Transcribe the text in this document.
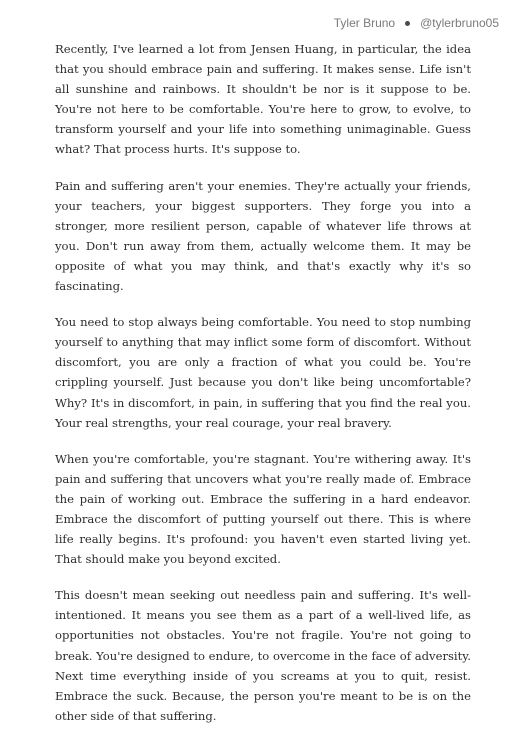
Tyler Bruno @tylerbruno05

Recently, I've learned a lot from Jensen Huang, in particular, the idea that you should embrace pain and suffering. It makes sense. Life isn't all sunshine and rainbows. It shouldn't be nor is it suppose to be. You're not here to be comfortable. You're here to grow, to evolve, to transform yourself and your life into something unimaginable. Guess what? That process hurts. It's suppose to.

Pain and suffering aren't your enemies. They're actually your friends, your teachers, your biggest supporters. They forge you into a stronger, more resilient person, capable of whatever life throws at you. Don't run away from them, actually welcome them. It may be opposite of what you may think, and that's exactly why it's so fascinating.

You need to stop always being comfortable. You need to stop numbing yourself to anything that may inflict some form of discomfort. Without discomfort, you are only a fraction of what you could be. You're crippling yourself. Just because you don't like being uncomfortable? Why? It's in discomfort, in pain, in suffering that you find the real you. Your real strengths, your real courage, your real bravery.

When you're comfortable, you're stagnant. You're withering away. It's pain and suffering that uncovers what you're really made of. Embrace the pain of working out. Embrace the suffering in a hard endeavor. Embrace the discomfort of putting yourself out there. This is where life really begins. It's profound: you haven't even started living yet. That should make you beyond excited.

This doesn't mean seeking out needless pain and suffering. It's well-intentioned. It means you see them as a part of a well-lived life, as opportunities not obstacles. You're not fragile. You're not going to break. You're designed to endure, to overcome in the face of adversity. Next time everything inside of you screams at you to quit, resist. Embrace the suck. Because, the person you're meant to be is on the other side of that suffering.
